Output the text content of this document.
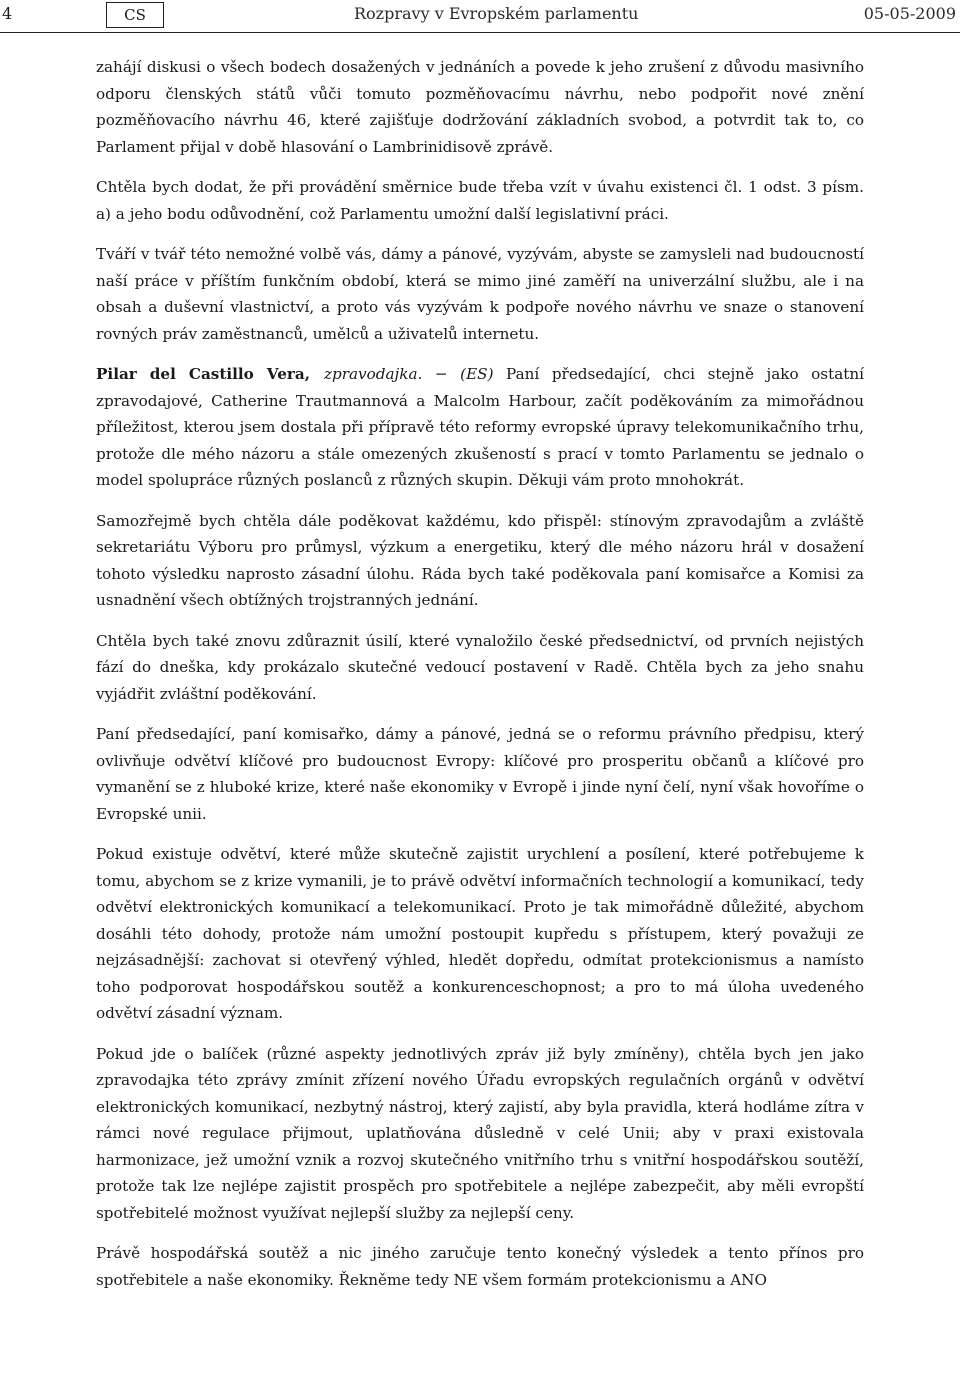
4	CS	Rozpravy v Evropském parlamentu	05-05-2009

zahájí diskusi o všech bodech dosažených v jednáních a povede k jeho zrušení z důvodu masivního odporu členských států vůči tomuto pozměňovacímu návrhu, nebo podpořit nové znění pozměňovacího návrhu 46, které zajišťuje dodržování základních svobod, a potvrdit tak to, co Parlament přijal v době hlasování o Lambrinidisově zprávě.

Chtěla bych dodat, že při provádění směrnice bude třeba vzít v úvahu existenci čl. 1 odst. 3 písm. a) a jeho bodu odůvodnění, což Parlamentu umožní další legislativní práci.

Tváří v tvář této nemožné volbě vás, dámy a pánové, vyzývám, abyste se zamysleli nad budoucností naší práce v příštím funkčním období, která se mimo jiné zaměří na univerzální službu, ale i na obsah a duševní vlastnictví, a proto vás vyzývám k podpoře nového návrhu ve snaze o stanovení rovných práv zaměstnanců, umělců a uživatelů internetu.

Pilar del Castillo Vera, zpravodajka. − (ES) Paní předsedající, chci stejně jako ostatní zpravodajové, Catherine Trautmannová a Malcolm Harbour, začít poděkováním za mimořádnou příležitost, kterou jsem dostala při přípravě této reformy evropské úpravy telekomunikačního trhu, protože dle mého názoru a stále omezených zkušeností s prací v tomto Parlamentu se jednalo o model spolupráce různých poslanců z různých skupin. Děkuji vám proto mnohokrát.

Samozřejmě bych chtěla dále poděkovat každému, kdo přispěl: stínovým zpravodajům a zvláště sekretariátu Výboru pro průmysl, výzkum a energetiku, který dle mého názoru hrál v dosažení tohoto výsledku naprosto zásadní úlohu. Ráda bych také poděkovala paní komisařce a Komisi za usnadnění všech obtížných trojstranných jednání.

Chtěla bych také znovu zdůraznit úsilí, které vynaložilo české předsednictví, od prvních nejistých fází do dneška, kdy prokázalo skutečné vedoucí postavení v Radě. Chtěla bych za jeho snahu vyjádřit zvláštní poděkování.

Paní předsedající, paní komisařko, dámy a pánové, jedná se o reformu právního předpisu, který ovlivňuje odvětví klíčové pro budoucnost Evropy: klíčové pro prosperitu občanů a klíčové pro vymanění se z hluboké krize, které naše ekonomiky v Evropě i jinde nyní čelí, nyní však hovoříme o Evropské unii.

Pokud existuje odvětví, které může skutečně zajistit urychlení a posílení, které potřebujeme k tomu, abychom se z krize vymanili, je to právě odvětví informačních technologií a komunikací, tedy odvětví elektronických komunikací a telekomunikací. Proto je tak mimořádně důležité, abychom dosáhli této dohody, protože nám umožní postoupit kupředu s přístupem, který považuji ze nejzásadnější: zachovat si otevřený výhled, hledět dopředu, odmítat protekcionismus a namísto toho podporovat hospodářskou soutěž a konkurenceschopnost; a pro to má úloha uvedeného odvětví zásadní význam.

Pokud jde o balíček (různé aspekty jednotlivých zpráv již byly zmíněny), chtěla bych jen jako zpravodajka této zprávy zmínit zřízení nového Úřadu evropských regulačních orgánů v odvětví elektronických komunikací, nezbytný nástroj, který zajistí, aby byla pravidla, která hodláme zítra v rámci nové regulace přijmout, uplatňována důsledně v celé Unii; aby v praxi existovala harmonizace, jež umožní vznik a rozvoj skutečného vnitřního trhu s vnitřní hospodářskou soutěží, protože tak lze nejlépe zajistit prospěch pro spotřebitele a nejlépe zabezpečit, aby měli evropští spotřebitelé možnost využívat nejlepší služby za nejlepší ceny.

Právě hospodářská soutěž a nic jiného zaručuje tento konečný výsledek a tento přínos pro spotřebitele a naše ekonomiky. Řekněme tedy NE všem formám protekcionismu a ANO
